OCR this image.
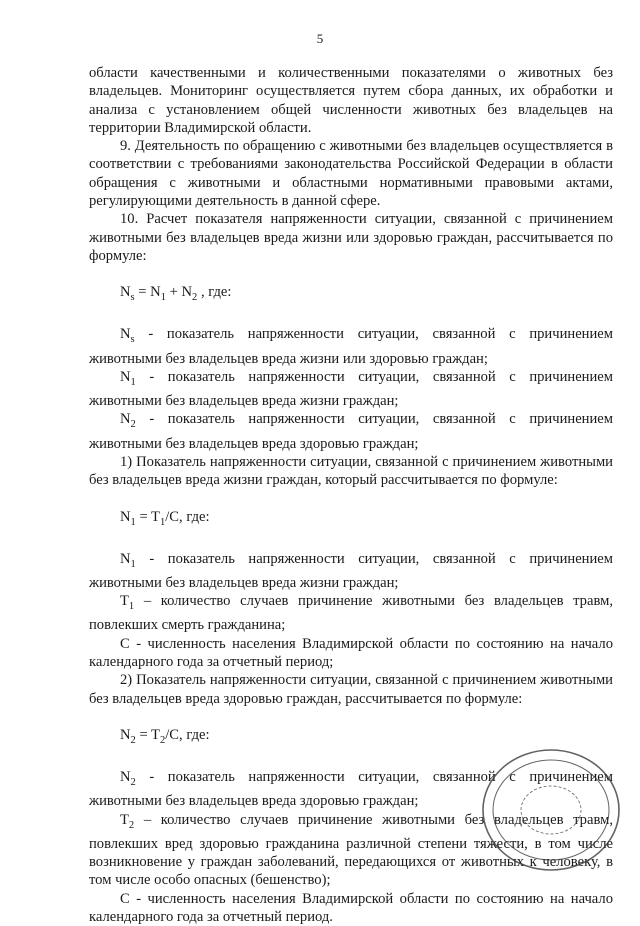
5

области качественными и количественными показателями о животных без владельцев. Мониторинг осуществляется путем сбора данных, их обработки и анализа с установлением общей численности животных без владельцев на территории Владимирской области.

9. Деятельность по обращению с животными без владельцев осуществляется в соответствии с требованиями законодательства Российской Федерации в области обращения с животными и областными нормативными правовыми актами, регулирующими деятельность в данной сфере.

10. Расчет показателя напряженности ситуации, связанной с причинением животными без владельцев вреда жизни или здоровью граждан, рассчитывается по формуле:

$N_s = N_1 + N_2$ , где:

$N_s$ - показатель напряженности ситуации, связанной с причинением животными без владельцев вреда жизни или здоровью граждан;

$N_1$ - показатель напряженности ситуации, связанной с причинением животными без владельцев вреда жизни граждан;

$N_2$ - показатель напряженности ситуации, связанной с причинением животными без владельцев вреда здоровью граждан;

1) Показатель напряженности ситуации, связанной с причинением животными без владельцев вреда жизни граждан, который рассчитывается по формуле:

$N_1 = T_1/C$, где:

$N_1$ - показатель напряженности ситуации, связанной с причинением животными без владельцев вреда жизни граждан;

$T_1$ – количество случаев причинение животными без владельцев травм, повлекших смерть гражданина;

С - численность населения Владимирской области по состоянию на начало календарного года за отчетный период;

2) Показатель напряженности ситуации, связанной с причинением животными без владельцев вреда здоровью граждан, рассчитывается по формуле:

$N_2 = T_2/C$, где:

$N_2$ - показатель напряженности ситуации, связанной с причинением животными без владельцев вреда здоровью граждан;

$T_2$ – количество случаев причинение животными без владельцев травм, повлекших вред здоровью гражданина различной степени тяжести, в том числе возникновение у граждан заболеваний, передающихся от животных к человеку, в том числе особо опасных (бешенство);

С - численность населения Владимирской области по состоянию на начало календарного года за отчетный период.
